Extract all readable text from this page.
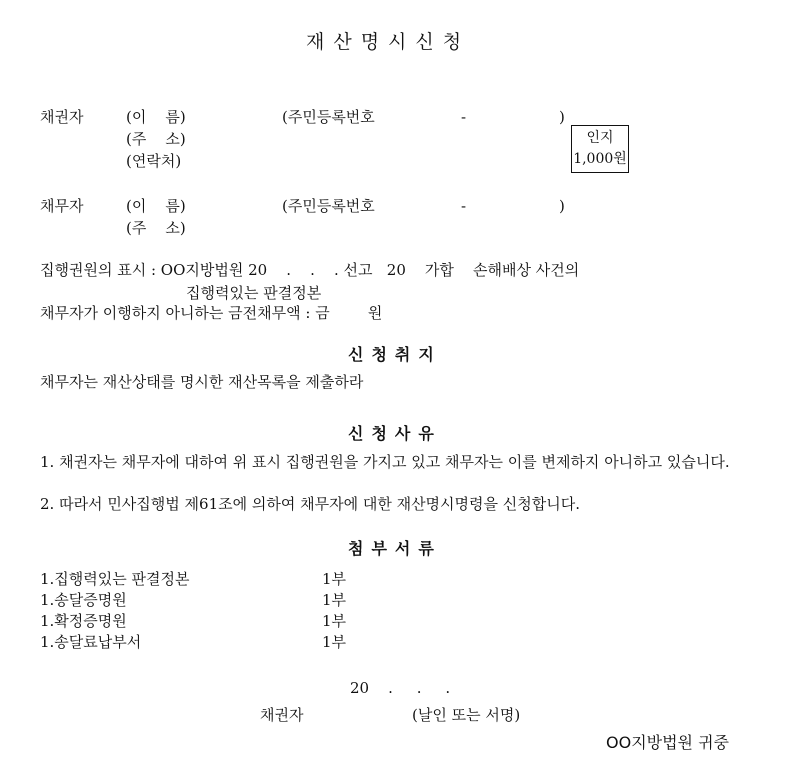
재산명시신청
채권자	(이    름)	(주민등록번호	-	)
(주    소)
(연락처)
인지
1,000원
채무자	(이    름)	(주민등록번호	-	)
(주    소)
집행권원의 표시 : OO지방법원 20    .    .    . 선고   20    가합    손해배상 사건의
집행력있는 판결정본
채무자가 이행하지 아니하는 금전채무액 : 금        원
신청취지
채무자는 재산상태를 명시한 재산목록을 제출하라
신청사유
1. 채권자는 채무자에 대하여 위 표시 집행권원을 가지고 있고 채무자는 이를 변제하지 아니하고 있습니다.
2. 따라서 민사집행법 제61조에 의하여 채무자에 대한 재산명시명령을 신청합니다.
첨부서류
1.집행력있는 판결정본	1부
1.송달증명원	1부
1.확정증명원	1부
1.송달료납부서	1부
20    .     .     .
채권자	(날인 또는 서명)
OO지방법원 귀중
